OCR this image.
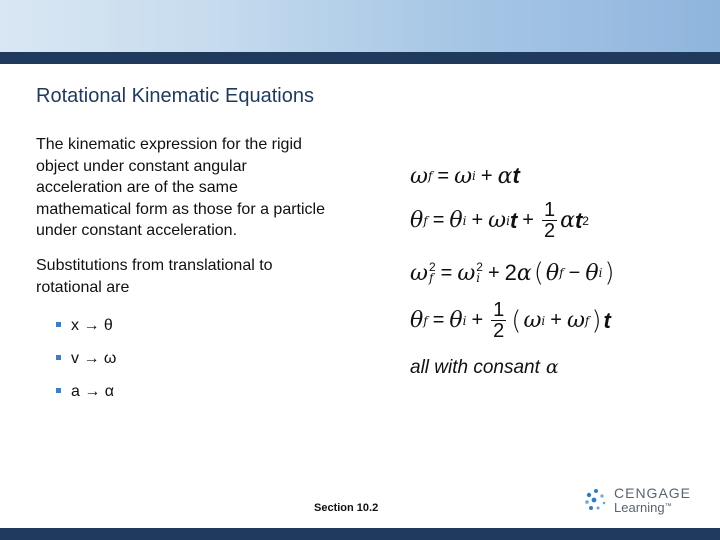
Rotational Kinematic Equations

The kinematic expression for the rigid object under constant angular acceleration are of the same mathematical form as those for a particle under constant acceleration.

Substitutions from translational to rotational are

x → θ
v → ω
a → α
ω f = ω i + α t
θ f = θ i + ω i $t + \frac{1}{2}$ α t 2
ω 2
f = ω 2
i + 2 α ( θ f − θ i )
θ f = θ $i + \frac{1}{2}$ ( ω i + ω f ) t
all with consant α
Section 10.2
CENGAGE
Learning™
